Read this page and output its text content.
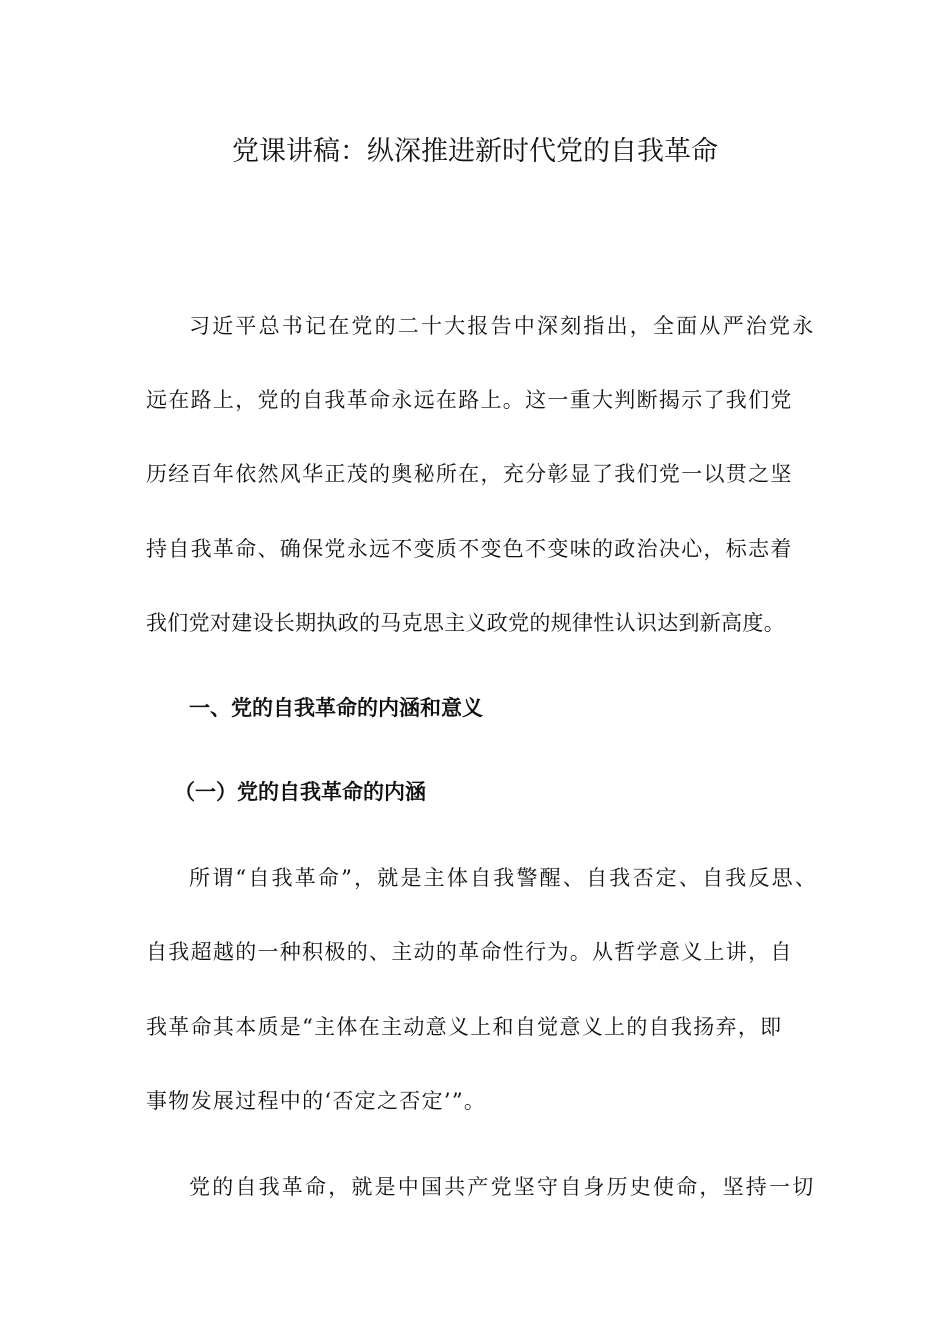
党课讲稿：纵深推进新时代党的自我革命
习近平总书记在党的二十大报告中深刻指出，全面从严治党永
远在路上，党的自我革命永远在路上。这一重大判断揭示了我们党
历经百年依然风华正茂的奥秘所在，充分彰显了我们党一以贯之坚
持自我革命、确保党永远不变质不变色不变味的政治决心，标志着
我们党对建设长期执政的马克思主义政党的规律性认识达到新高度。
一、党的自我革命的内涵和意义
（一）党的自我革命的内涵
所谓“自我革命”，就是主体自我警醒、自我否定、自我反思、
自我超越的一种积极的、主动的革命性行为。从哲学意义上讲，自
我革命其本质是“主体在主动意义上和自觉意义上的自我扬弃，即
事物发展过程中的‘否定之否定’”。
党的自我革命，就是中国共产党坚守自身历史使命，坚持一切
